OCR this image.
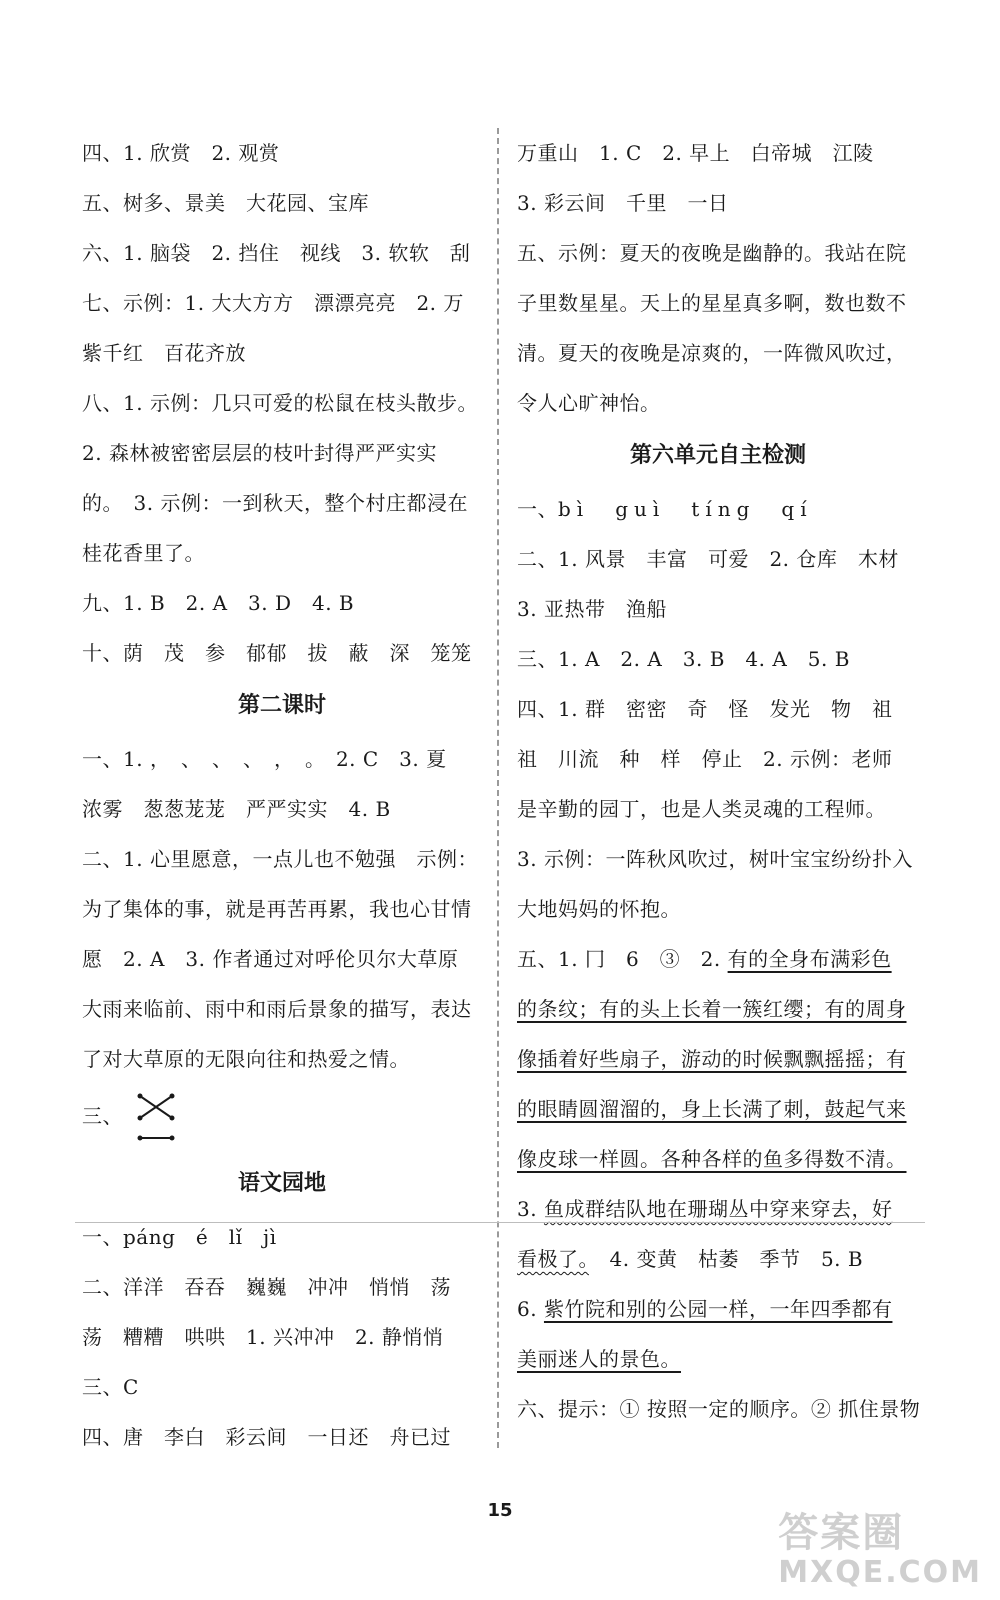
四、1. 欣赏　2. 观赏
五、树多、景美　大花园、宝库
六、1. 脑袋　2. 挡住　视线　3. 软软　刮
七、示例：1. 大大方方　漂漂亮亮　2. 万
紫千红　百花齐放
八、1. 示例：几只可爱的松鼠在枝头散步。
2. 森林被密密层层的枝叶封得严严实实
的。　3. 示例：一到秋天，整个村庄都浸在
桂花香里了。
九、1. B　2. A　3. D　4. B
十、荫　茂　参　郁郁　拔　蔽　深　笼笼
第二课时
一、1. ，　、　、　、　，　。　2. C　3. 夏
浓雾　葱葱茏茏　严严实实　4. B
二、1. 心里愿意，一点儿也不勉强　示例：
为了集体的事，就是再苦再累，我也心甘情
愿　2. A　3. 作者通过对呼伦贝尔大草原
大雨来临前、雨中和雨后景象的描写，表达
了对大草原的无限向往和热爱之情。
三、
语文园地
一、páng　é　lǐ　jì
二、洋洋　吞吞　巍巍　冲冲　悄悄　荡
荡　糟糟　哄哄　1. 兴冲冲　2. 静悄悄
三、C
四、唐　李白　彩云间　一日还　舟已过
万重山　1. C　2. 早上　白帝城　江陵
3. 彩云间　千里　一日
五、示例：夏天的夜晚是幽静的。我站在院
子里数星星。天上的星星真多啊，数也数不
清。夏天的夜晚是凉爽的，一阵微风吹过，
令人心旷神怡。
第六单元自主检测
一、bì　guì　tíng　qí
二、1. 风景　丰富　可爱　2. 仓库　木材
3. 亚热带　渔船
三、1. A　2. A　3. B　4. A　5. B
四、1. 群　密密　奇　怪　发光　物　祖
祖　川流　种　样　停止　2. 示例：老师
是辛勤的园丁，也是人类灵魂的工程师。
3. 示例：一阵秋风吹过，树叶宝宝纷纷扑入
大地妈妈的怀抱。
五、1. 冂　6　③　2. 有的全身布满彩色
的条纹；有的头上长着一簇红缨；有的周身
像插着好些扇子，游动的时候飘飘摇摇；有
的眼睛圆溜溜的，身上长满了刺，鼓起气来
像皮球一样圆。各种各样的鱼多得数不清。
3. 鱼成群结队地在珊瑚丛中穿来穿去，好
看极了。　4. 变黄　枯萎　季节　5. B
6. 紫竹院和别的公园一样，一年四季都有
美丽迷人的景色。
六、提示：① 按照一定的顺序。② 抓住景物
15	答案圈
MXQE.COM
